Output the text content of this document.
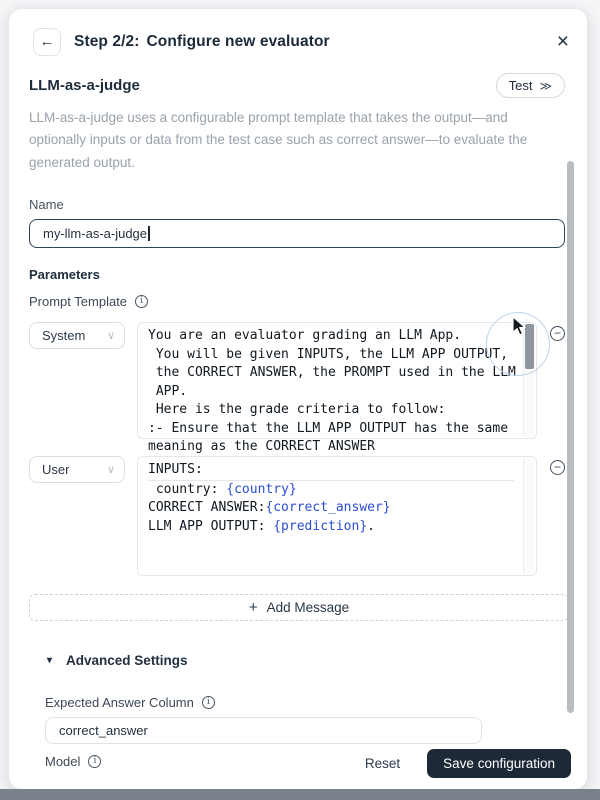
←	Step 2/2: Configure new evaluator	×
LLM-as-a-judge	Test ≫

LLM-as-a-judge uses a configurable prompt template that takes the output—and optionally inputs or data from the test case such as correct answer—to evaluate the generated output.

Name
my-llm-as-a-judge
Parameters
Prompt Template	i
System ∨	You are an evaluator grading an LLM App.
You will be given INPUTS, the LLM APP OUTPUT,
the CORRECT ANSWER, the PROMPT used in the LLM
APP.
Here is the grade criteria to follow:
:- Ensure that the LLM APP OUTPUT has the same
meaning as the CORRECT ANSWER
−
User	∨	INPUTS:
country: {country}
CORRECT ANSWER:{correct_answer}
LLM APP OUTPUT: {prediction}.
−
+ Add Message
▾ Advanced Settings
Expected Answer Column	i
correct_answer
Model	i	Reset	Save configuration
